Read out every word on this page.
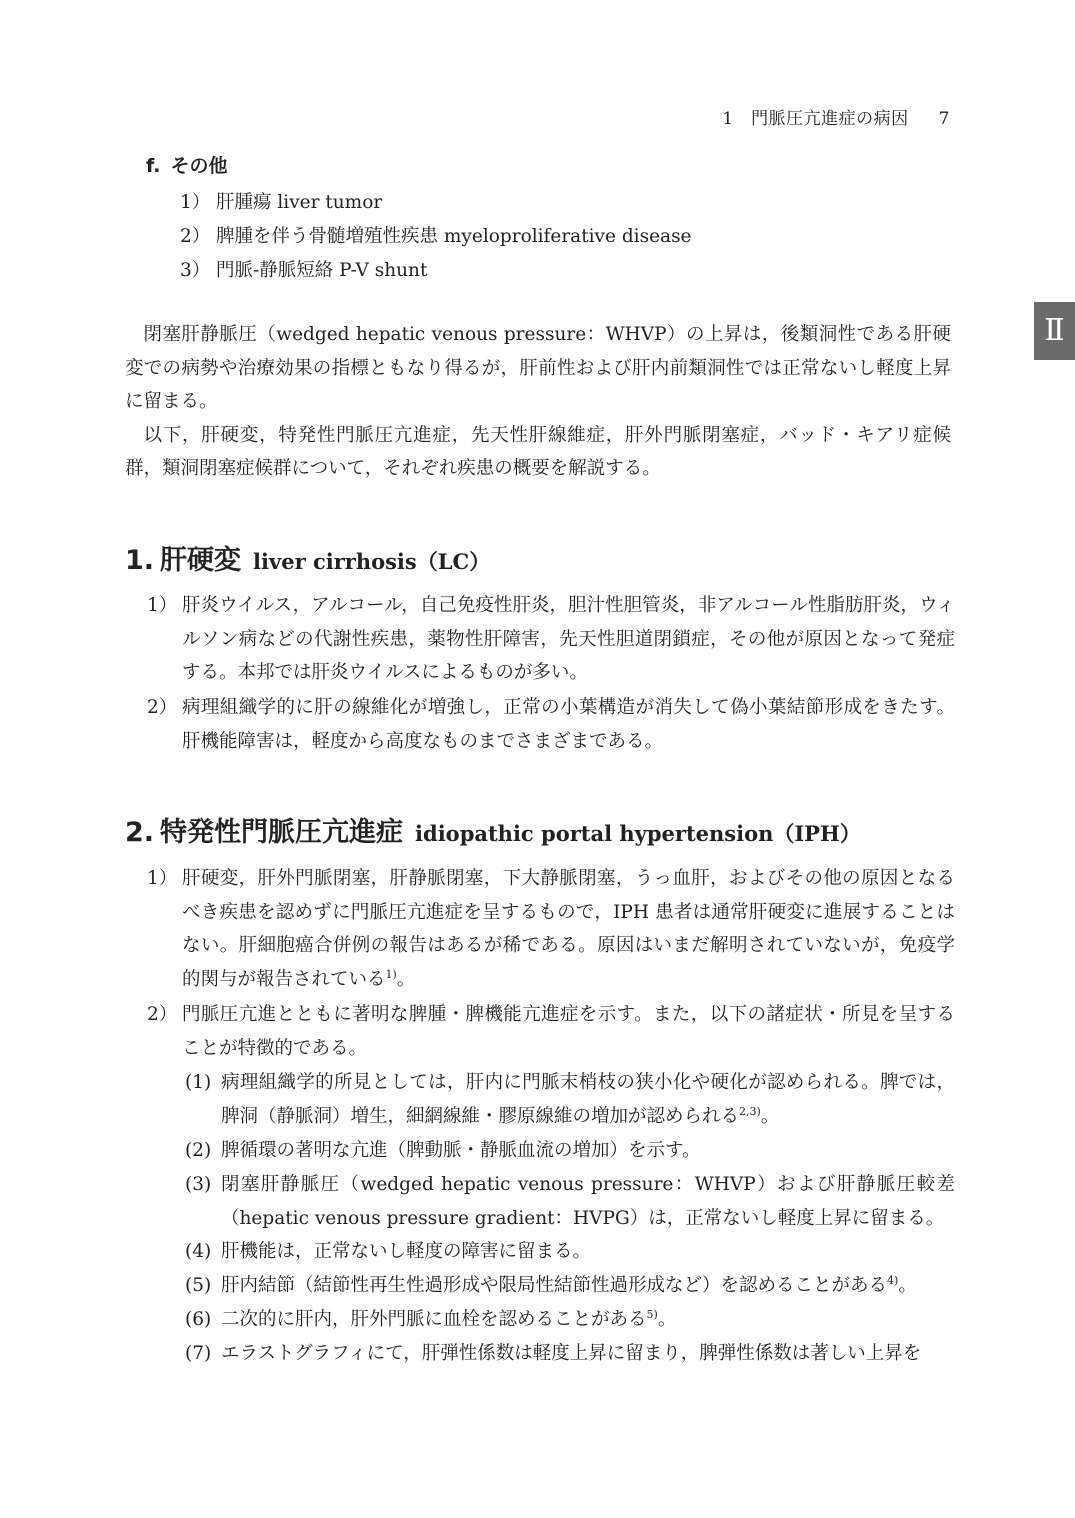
1　門脈圧亢進症の病因 7
Ⅱ
f. その他
1） 肝腫瘍 liver tumor
2） 脾腫を伴う骨髄増殖性疾患 myeloproliferative disease
3） 門脈-静脈短絡 P-V shunt

閉塞肝静脈圧（wedged hepatic venous pressure：WHVP）の上昇は，後類洞性である肝硬変での病勢や治療効果の指標ともなり得るが，肝前性および肝内前類洞性では正常ないし軽度上昇に留まる。

以下，肝硬変，特発性門脈圧亢進症，先天性肝線維症，肝外門脈閉塞症，バッド・キアリ症候群，類洞閉塞症候群について，それぞれ疾患の概要を解説する。

1. 肝硬変 liver cirrhosis（LC）
1） 肝炎ウイルス，アルコール，自己免疫性肝炎，胆汁性胆管炎，非アルコール性脂肪肝炎，ウィルソン病などの代謝性疾患，薬物性肝障害，先天性胆道閉鎖症，その他が原因となって発症する。本邦では肝炎ウイルスによるものが多い。
2） 病理組織学的に肝の線維化が増強し，正常の小葉構造が消失して偽小葉結節形成をきたす。肝機能障害は，軽度から高度なものまでさまざまである。
2. 特発性門脈圧亢進症 idiopathic portal hypertension（IPH）
1） 肝硬変，肝外門脈閉塞，肝静脈閉塞，下大静脈閉塞，うっ血肝，およびその他の原因となるべき疾患を認めずに門脈圧亢進症を呈するもので，IPH 患者は通常肝硬変に進展することはない。肝細胞癌合併例の報告はあるが稀である。原因はいまだ解明されていないが，免疫学的関与が報告されている$^{1)}$。
2） 門脈圧亢進とともに著明な脾腫・脾機能亢進症を示す。また，以下の諸症状・所見を呈することが特徴的である。
(1) 病理組織学的所見としては，肝内に門脈末梢枝の狭小化や硬化が認められる。脾では，脾洞（静脈洞）増生，細網線維・膠原線維の増加が認められる$^{2,3)}$。
(2) 脾循環の著明な亢進（脾動脈・静脈血流の増加）を示す。
(3) 閉塞肝静脈圧（wedged hepatic venous pressure：WHVP）および肝静脈圧較差（hepatic venous pressure gradient：HVPG）は，正常ないし軽度上昇に留まる。
(4) 肝機能は，正常ないし軽度の障害に留まる。
(5) 肝内結節（結節性再生性過形成や限局性結節性過形成など）を認めることがある$^{4)}$。
(6) 二次的に肝内，肝外門脈に血栓を認めることがある$^{5)}$。
(7) エラストグラフィにて，肝弾性係数は軽度上昇に留まり，脾弾性係数は著しい上昇を
